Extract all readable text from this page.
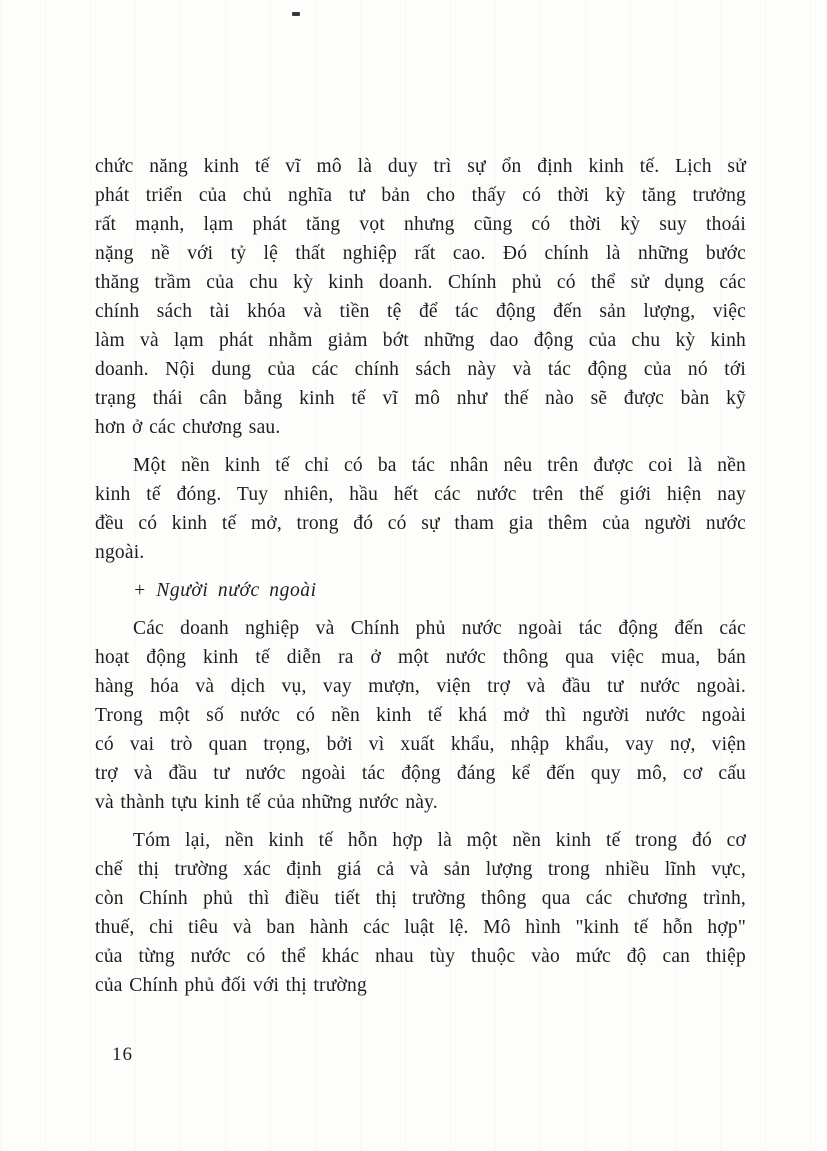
chức năng kinh tế vĩ mô là duy trì sự ổn định kinh tế. Lịch sử
phát triển của chủ nghĩa tư bản cho thấy có thời kỳ tăng trưởng
rất mạnh, lạm phát tăng vọt nhưng cũng có thời kỳ suy thoái
nặng nề với tỷ lệ thất nghiệp rất cao. Đó chính là những bước
thăng trầm của chu kỳ kinh doanh. Chính phủ có thể sử dụng các
chính sách tài khóa và tiền tệ để tác động đến sản lượng, việc
làm và lạm phát nhằm giảm bớt những dao động của chu kỳ kinh
doanh. Nội dung của các chính sách này và tác động của nó tới
trạng thái cân bằng kinh tế vĩ mô như thế nào sẽ được bàn kỹ
hơn ở các chương sau.

Một nền kinh tế chỉ có ba tác nhân nêu trên được coi là nền
kinh tế đóng. Tuy nhiên, hầu hết các nước trên thế giới hiện nay
đều có kinh tế mở, trong đó có sự tham gia thêm của người nước
ngoài.

+ Người nước ngoài

Các doanh nghiệp và Chính phủ nước ngoài tác động đến các
hoạt động kinh tế diễn ra ở một nước thông qua việc mua, bán
hàng hóa và dịch vụ, vay mượn, viện trợ và đầu tư nước ngoài.
Trong một số nước có nền kinh tế khá mở thì người nước ngoài
có vai trò quan trọng, bởi vì xuất khẩu, nhập khẩu, vay nợ, viện
trợ và đầu tư nước ngoài tác động đáng kể đến quy mô, cơ cấu
và thành tựu kinh tế của những nước này.

Tóm lại, nền kinh tế hỗn hợp là một nền kinh tế trong đó cơ
chế thị trường xác định giá cả và sản lượng trong nhiều lĩnh vực,
còn Chính phủ thì điều tiết thị trường thông qua các chương trình,
thuế, chi tiêu và ban hành các luật lệ. Mô hình "kinh tế hỗn hợp"
của từng nước có thể khác nhau tùy thuộc vào mức độ can thiệp
của Chính phủ đối với thị trường

16
